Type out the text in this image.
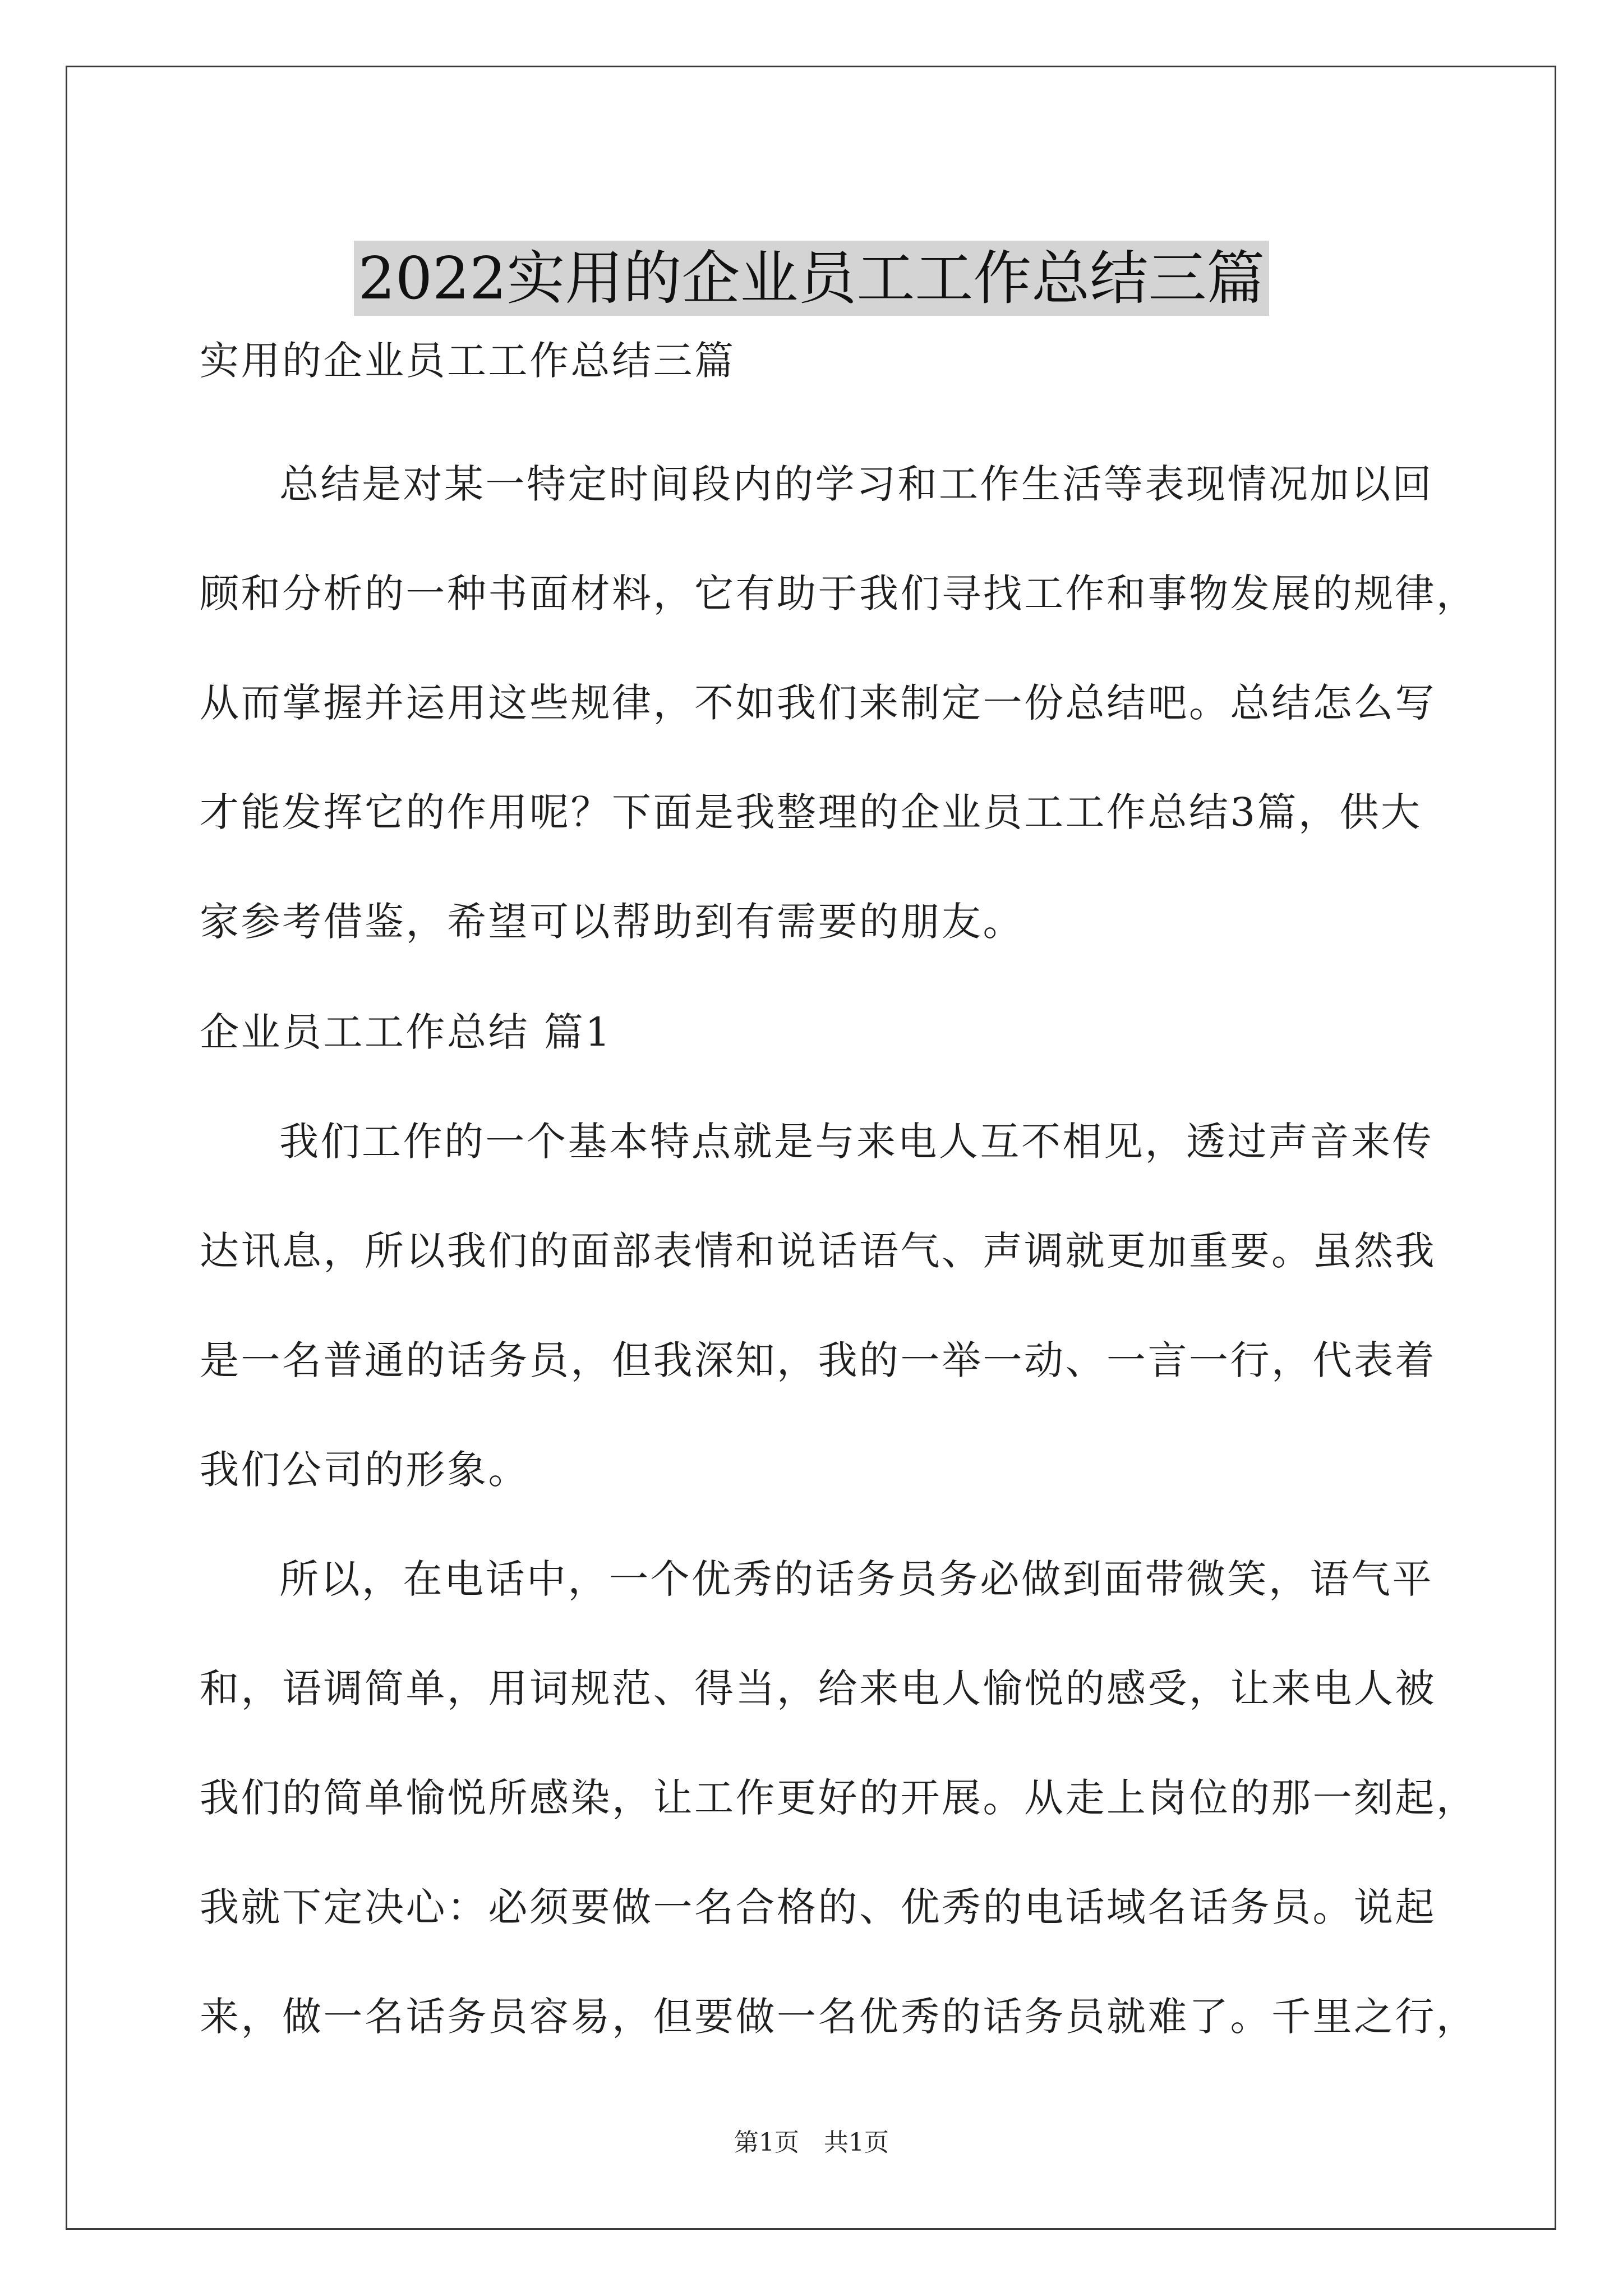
2022实用的企业员工工作总结三篇
实用的企业员工工作总结三篇
总结是对某一特定时间段内的学习和工作生活等表现情况加以回
顾和分析的一种书面材料，它有助于我们寻找工作和事物发展的规律，
从而掌握并运用这些规律，不如我们来制定一份总结吧。总结怎么写
才能发挥它的作用呢？下面是我整理的企业员工工作总结3篇，供大
家参考借鉴，希望可以帮助到有需要的朋友。
企业员工工作总结 篇1
我们工作的一个基本特点就是与来电人互不相见，透过声音来传
达讯息，所以我们的面部表情和说话语气、声调就更加重要。虽然我
是一名普通的话务员，但我深知，我的一举一动、一言一行，代表着
我们公司的形象。
所以，在电话中，一个优秀的话务员务必做到面带微笑，语气平
和，语调简单，用词规范、得当，给来电人愉悦的感受，让来电人被
我们的简单愉悦所感染，让工作更好的开展。从走上岗位的那一刻起，
我就下定决心：必须要做一名合格的、优秀的电话域名话务员。说起
来，做一名话务员容易，但要做一名优秀的话务员就难了。千里之行，
第1页 共1页
